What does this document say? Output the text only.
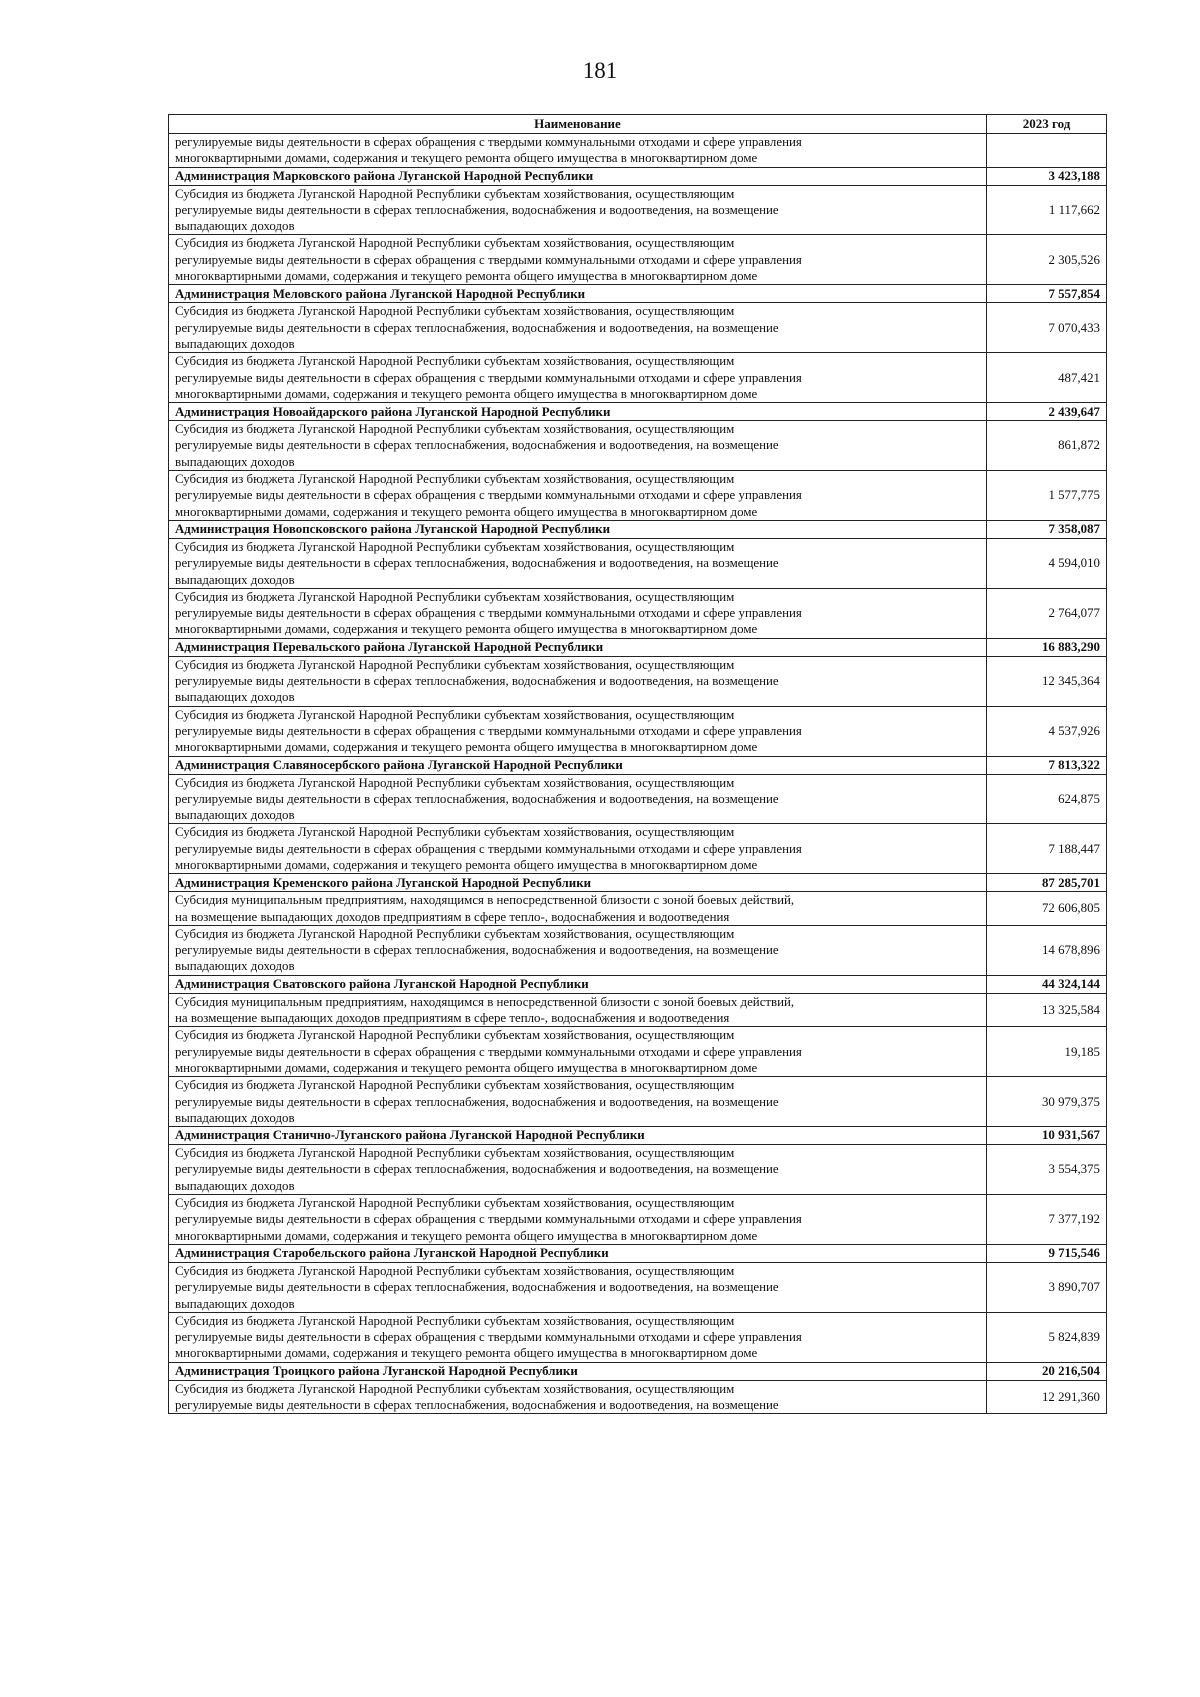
181
Наименование	2023 год
регулируемые виды деятельности в сферах обращения с твердыми коммунальными отходами и сфере управления
многоквартирными домами, содержания и текущего ремонта общего имущества в многоквартирном доме	
Администрация Марковского района Луганской Народной Республики	3 423,188
Субсидия из бюджета Луганской Народной Республики субъектам хозяйствования, осуществляющим
регулируемые виды деятельности в сферах теплоснабжения, водоснабжения и водоотведения, на возмещение
выпадающих доходов	1 117,662
Субсидия из бюджета Луганской Народной Республики субъектам хозяйствования, осуществляющим
регулируемые виды деятельности в сферах обращения с твердыми коммунальными отходами и сфере управления
многоквартирными домами, содержания и текущего ремонта общего имущества в многоквартирном доме	2 305,526
Администрация Меловского района Луганской Народной Республики	7 557,854
Субсидия из бюджета Луганской Народной Республики субъектам хозяйствования, осуществляющим
регулируемые виды деятельности в сферах теплоснабжения, водоснабжения и водоотведения, на возмещение
выпадающих доходов	7 070,433
Субсидия из бюджета Луганской Народной Республики субъектам хозяйствования, осуществляющим
регулируемые виды деятельности в сферах обращения с твердыми коммунальными отходами и сфере управления
многоквартирными домами, содержания и текущего ремонта общего имущества в многоквартирном доме	487,421
Администрация Новоайдарского района Луганской Народной Республики	2 439,647
Субсидия из бюджета Луганской Народной Республики субъектам хозяйствования, осуществляющим
регулируемые виды деятельности в сферах теплоснабжения, водоснабжения и водоотведения, на возмещение
выпадающих доходов	861,872
Субсидия из бюджета Луганской Народной Республики субъектам хозяйствования, осуществляющим
регулируемые виды деятельности в сферах обращения с твердыми коммунальными отходами и сфере управления
многоквартирными домами, содержания и текущего ремонта общего имущества в многоквартирном доме	1 577,775
Администрация Новопсковского района Луганской Народной Республики	7 358,087
Субсидия из бюджета Луганской Народной Республики субъектам хозяйствования, осуществляющим
регулируемые виды деятельности в сферах теплоснабжения, водоснабжения и водоотведения, на возмещение
выпадающих доходов	4 594,010
Субсидия из бюджета Луганской Народной Республики субъектам хозяйствования, осуществляющим
регулируемые виды деятельности в сферах обращения с твердыми коммунальными отходами и сфере управления
многоквартирными домами, содержания и текущего ремонта общего имущества в многоквартирном доме	2 764,077
Администрация Перевальского района Луганской Народной Республики	16 883,290
Субсидия из бюджета Луганской Народной Республики субъектам хозяйствования, осуществляющим
регулируемые виды деятельности в сферах теплоснабжения, водоснабжения и водоотведения, на возмещение
выпадающих доходов	12 345,364
Субсидия из бюджета Луганской Народной Республики субъектам хозяйствования, осуществляющим
регулируемые виды деятельности в сферах обращения с твердыми коммунальными отходами и сфере управления
многоквартирными домами, содержания и текущего ремонта общего имущества в многоквартирном доме	4 537,926
Администрация Славяносербского района Луганской Народной Республики	7 813,322
Субсидия из бюджета Луганской Народной Республики субъектам хозяйствования, осуществляющим
регулируемые виды деятельности в сферах теплоснабжения, водоснабжения и водоотведения, на возмещение
выпадающих доходов	624,875
Субсидия из бюджета Луганской Народной Республики субъектам хозяйствования, осуществляющим
регулируемые виды деятельности в сферах обращения с твердыми коммунальными отходами и сфере управления
многоквартирными домами, содержания и текущего ремонта общего имущества в многоквартирном доме	7 188,447
Администрация Кременского района Луганской Народной Республики	87 285,701
Субсидия муниципальным предприятиям, находящимся в непосредственной близости с зоной боевых действий,
на возмещение выпадающих доходов предприятиям в сфере тепло-, водоснабжения и водоотведения	72 606,805
Субсидия из бюджета Луганской Народной Республики субъектам хозяйствования, осуществляющим
регулируемые виды деятельности в сферах теплоснабжения, водоснабжения и водоотведения, на возмещение
выпадающих доходов	14 678,896
Администрация Сватовского района Луганской Народной Республики	44 324,144
Субсидия муниципальным предприятиям, находящимся в непосредственной близости с зоной боевых действий,
на возмещение выпадающих доходов предприятиям в сфере тепло-, водоснабжения и водоотведения	13 325,584
Субсидия из бюджета Луганской Народной Республики субъектам хозяйствования, осуществляющим
регулируемые виды деятельности в сферах обращения с твердыми коммунальными отходами и сфере управления
многоквартирными домами, содержания и текущего ремонта общего имущества в многоквартирном доме	19,185
Субсидия из бюджета Луганской Народной Республики субъектам хозяйствования, осуществляющим
регулируемые виды деятельности в сферах теплоснабжения, водоснабжения и водоотведения, на возмещение
выпадающих доходов	30 979,375
Администрация Станично-Луганского района Луганской Народной Республики	10 931,567
Субсидия из бюджета Луганской Народной Республики субъектам хозяйствования, осуществляющим
регулируемые виды деятельности в сферах теплоснабжения, водоснабжения и водоотведения, на возмещение
выпадающих доходов	3 554,375
Субсидия из бюджета Луганской Народной Республики субъектам хозяйствования, осуществляющим
регулируемые виды деятельности в сферах обращения с твердыми коммунальными отходами и сфере управления
многоквартирными домами, содержания и текущего ремонта общего имущества в многоквартирном доме	7 377,192
Администрация Старобельского района Луганской Народной Республики	9 715,546
Субсидия из бюджета Луганской Народной Республики субъектам хозяйствования, осуществляющим
регулируемые виды деятельности в сферах теплоснабжения, водоснабжения и водоотведения, на возмещение
выпадающих доходов	3 890,707
Субсидия из бюджета Луганской Народной Республики субъектам хозяйствования, осуществляющим
регулируемые виды деятельности в сферах обращения с твердыми коммунальными отходами и сфере управления
многоквартирными домами, содержания и текущего ремонта общего имущества в многоквартирном доме	5 824,839
Администрация Троицкого района Луганской Народной Республики	20 216,504
Субсидия из бюджета Луганской Народной Республики субъектам хозяйствования, осуществляющим
регулируемые виды деятельности в сферах теплоснабжения, водоснабжения и водоотведения, на возмещение	12 291,360
